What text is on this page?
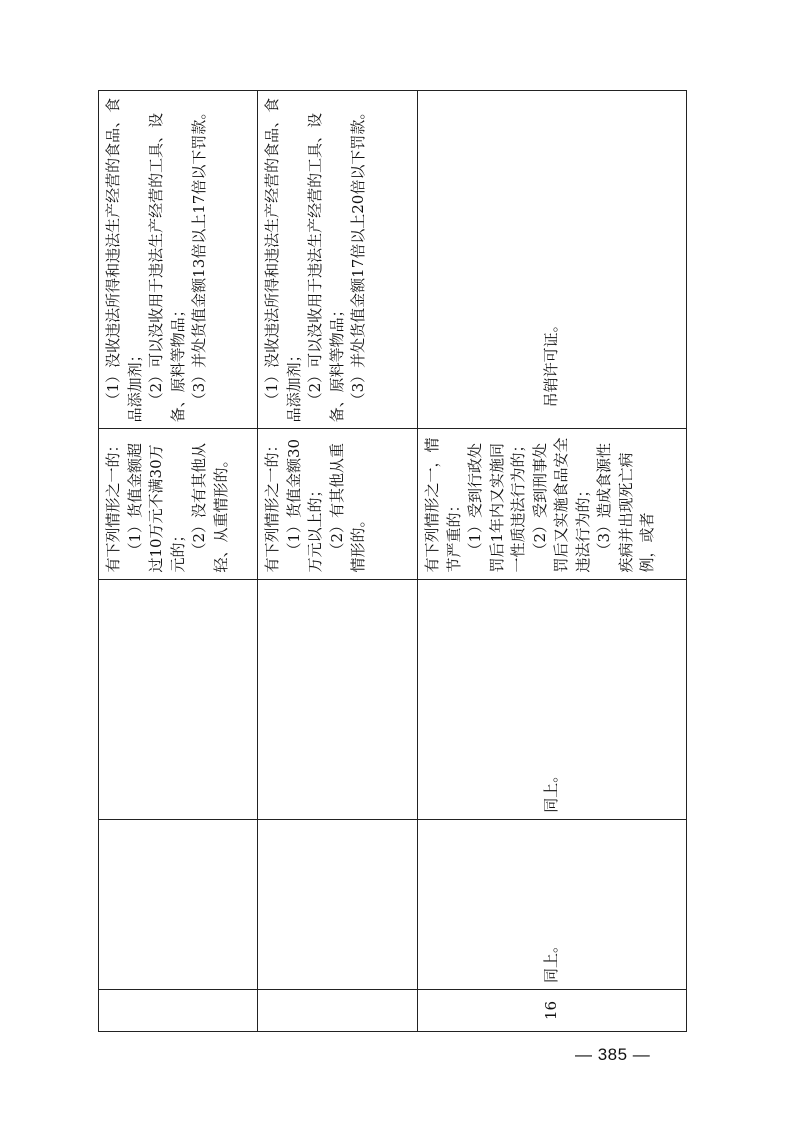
			有下列情形之一的： （1）货值金额超过10万元不满30万元的； （2）没有其他从轻、从重情形的。	（1）没收违法所得和违法生产经营的食品、食品添加剂； （2）可以没收用于违法生产经营的工具、设备、原料等物品； （3）并处货值金额13倍以上17倍以下罚款。

			有下列情形之一的： （1）货值金额30万元以上的； （2）有其他从重情形的。	（1）没收违法所得和违法生产经营的食品、食品添加剂； （2）可以没收用于违法生产经营的工具、设备、原料等物品； （3）并处货值金额17倍以上20倍以下罚款。

16	同上。	同上。	有下列情形之一，情节严重的： （1）受到行政处罚后1年内又实施同一性质违法行为的； （2）受到刑事处罚后又实施食品安全违法行为的； （3）造成食源性疾病并出现死亡病例，或者	吊销许可证。
— 385 —
